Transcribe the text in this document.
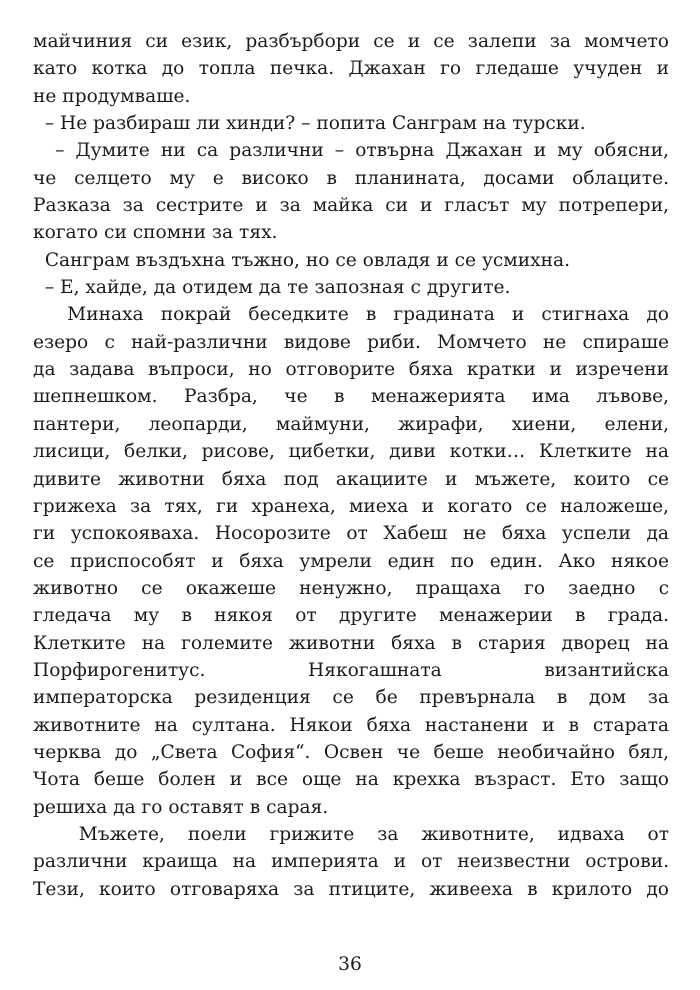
майчиния си език, разбърбори се и се залепи за момчето
като котка до топла печка. Джахан го гледаше учуден и
не продумваше.
– Не разбираш ли хинди? – попита Санграм на турски.
– Думите ни са различни – отвърна Джахан и му обясни,
че селцето му е високо в планината, досами облаците.
Разказа за сестрите и за майка си и гласът му потрепери,
когато си спомни за тях.
Санграм въздъхна тъжно, но се овладя и се усмихна.
– Е, хайде, да отидем да те запозная с другите.
Минаха покрай беседките в градината и стигнаха до
езеро с най-различни видове риби. Момчето не спираше
да задава въпроси, но отговорите бяха кратки и изречени
шепнешком. Разбра, че в менажерията има лъвове,
пантери, леопарди, маймуни, жирафи, хиени, елени,
лисици, белки, рисове, цибетки, диви котки… Клетките на
дивите животни бяха под акациите и мъжете, които се
грижеха за тях, ги хранеха, миеха и когато се наложеше,
ги успокояваха. Носорозите от Хабеш не бяха успели да
се приспособят и бяха умрели един по един. Ако някое
животно се окажеше ненужно, пращаха го заедно с
гледача му в някоя от другите менажерии в града.
Клетките на големите животни бяха в стария дворец на
Порфирогенитус. Някогашната византийска
императорска резиденция се бе превърнала в дом за
животните на султана. Някои бяха настанени и в старата
черква до „Света София“. Освен че беше необичайно бял,
Чота беше болен и все още на крехка възраст. Ето защо
решиха да го оставят в сарая.
Мъжете, поели грижите за животните, идваха от
различни краища на империята и от неизвестни острови.
Тези, които отговаряха за птиците, живееха в крилото до
36
